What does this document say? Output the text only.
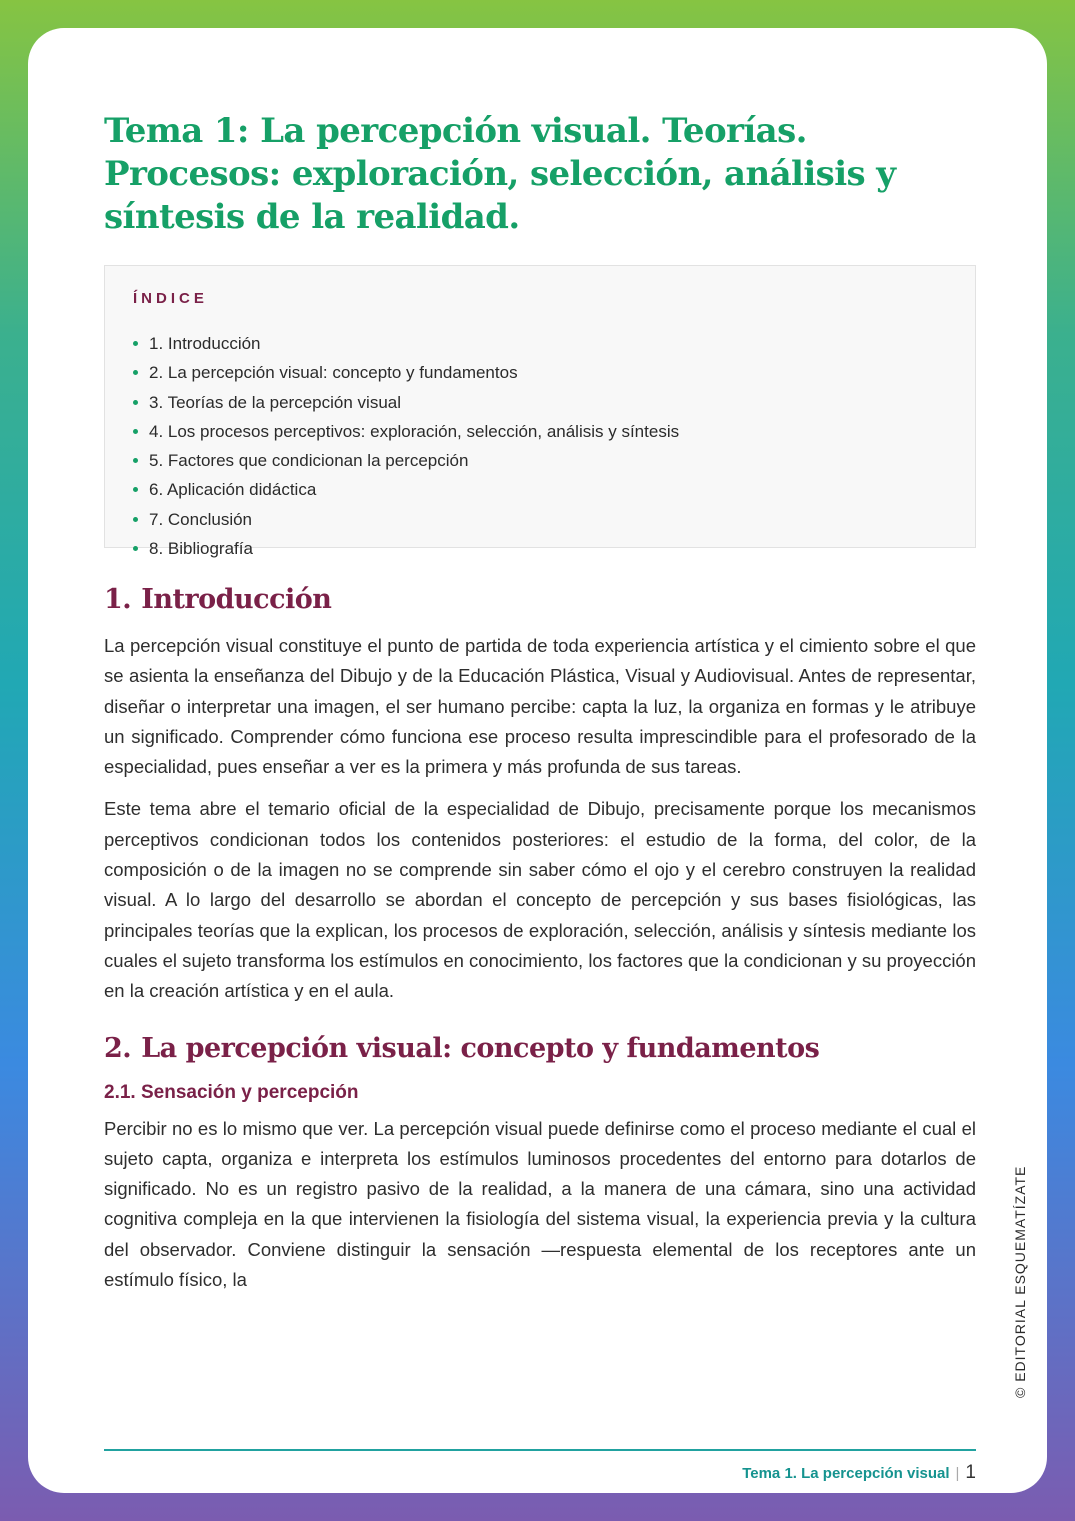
Tema 1: La percepción visual. Teorías. Procesos: exploración, selección, análisis y síntesis de la realidad.
ÍNDICE
1. Introducción
2. La percepción visual: concepto y fundamentos
3. Teorías de la percepción visual
4. Los procesos perceptivos: exploración, selección, análisis y síntesis
5. Factores que condicionan la percepción
6. Aplicación didáctica
7. Conclusión
8. Bibliografía
1. Introducción

La percepción visual constituye el punto de partida de toda experiencia artística y el cimiento sobre el que se asienta la enseñanza del Dibujo y de la Educación Plástica, Visual y Audiovisual. Antes de representar, diseñar o interpretar una imagen, el ser humano percibe: capta la luz, la organiza en formas y le atribuye un significado. Comprender cómo funciona ese proceso resulta imprescindible para el profesorado de la especialidad, pues enseñar a ver es la primera y más profunda de sus tareas.

Este tema abre el temario oficial de la especialidad de Dibujo, precisamente porque los mecanismos perceptivos condicionan todos los contenidos posteriores: el estudio de la forma, del color, de la composición o de la imagen no se comprende sin saber cómo el ojo y el cerebro construyen la realidad visual. A lo largo del desarrollo se abordan el concepto de percepción y sus bases fisiológicas, las principales teorías que la explican, los procesos de exploración, selección, análisis y síntesis mediante los cuales el sujeto transforma los estímulos en conocimiento, los factores que la condicionan y su proyección en la creación artística y en el aula.

2. La percepción visual: concepto y fundamentos
2.1. Sensación y percepción

Percibir no es lo mismo que ver. La percepción visual puede definirse como el proceso mediante el cual el sujeto capta, organiza e interpreta los estímulos luminosos procedentes del entorno para dotarlos de significado. No es un registro pasivo de la realidad, a la manera de una cámara, sino una actividad cognitiva compleja en la que intervienen la fisiología del sistema visual, la experiencia previa y la cultura del observador. Conviene distinguir la sensación —respuesta elemental de los receptores ante un estímulo físico, la

Tema 1. La percepción visual | 1
© EDITORIAL ESQUEMATÍZATE
